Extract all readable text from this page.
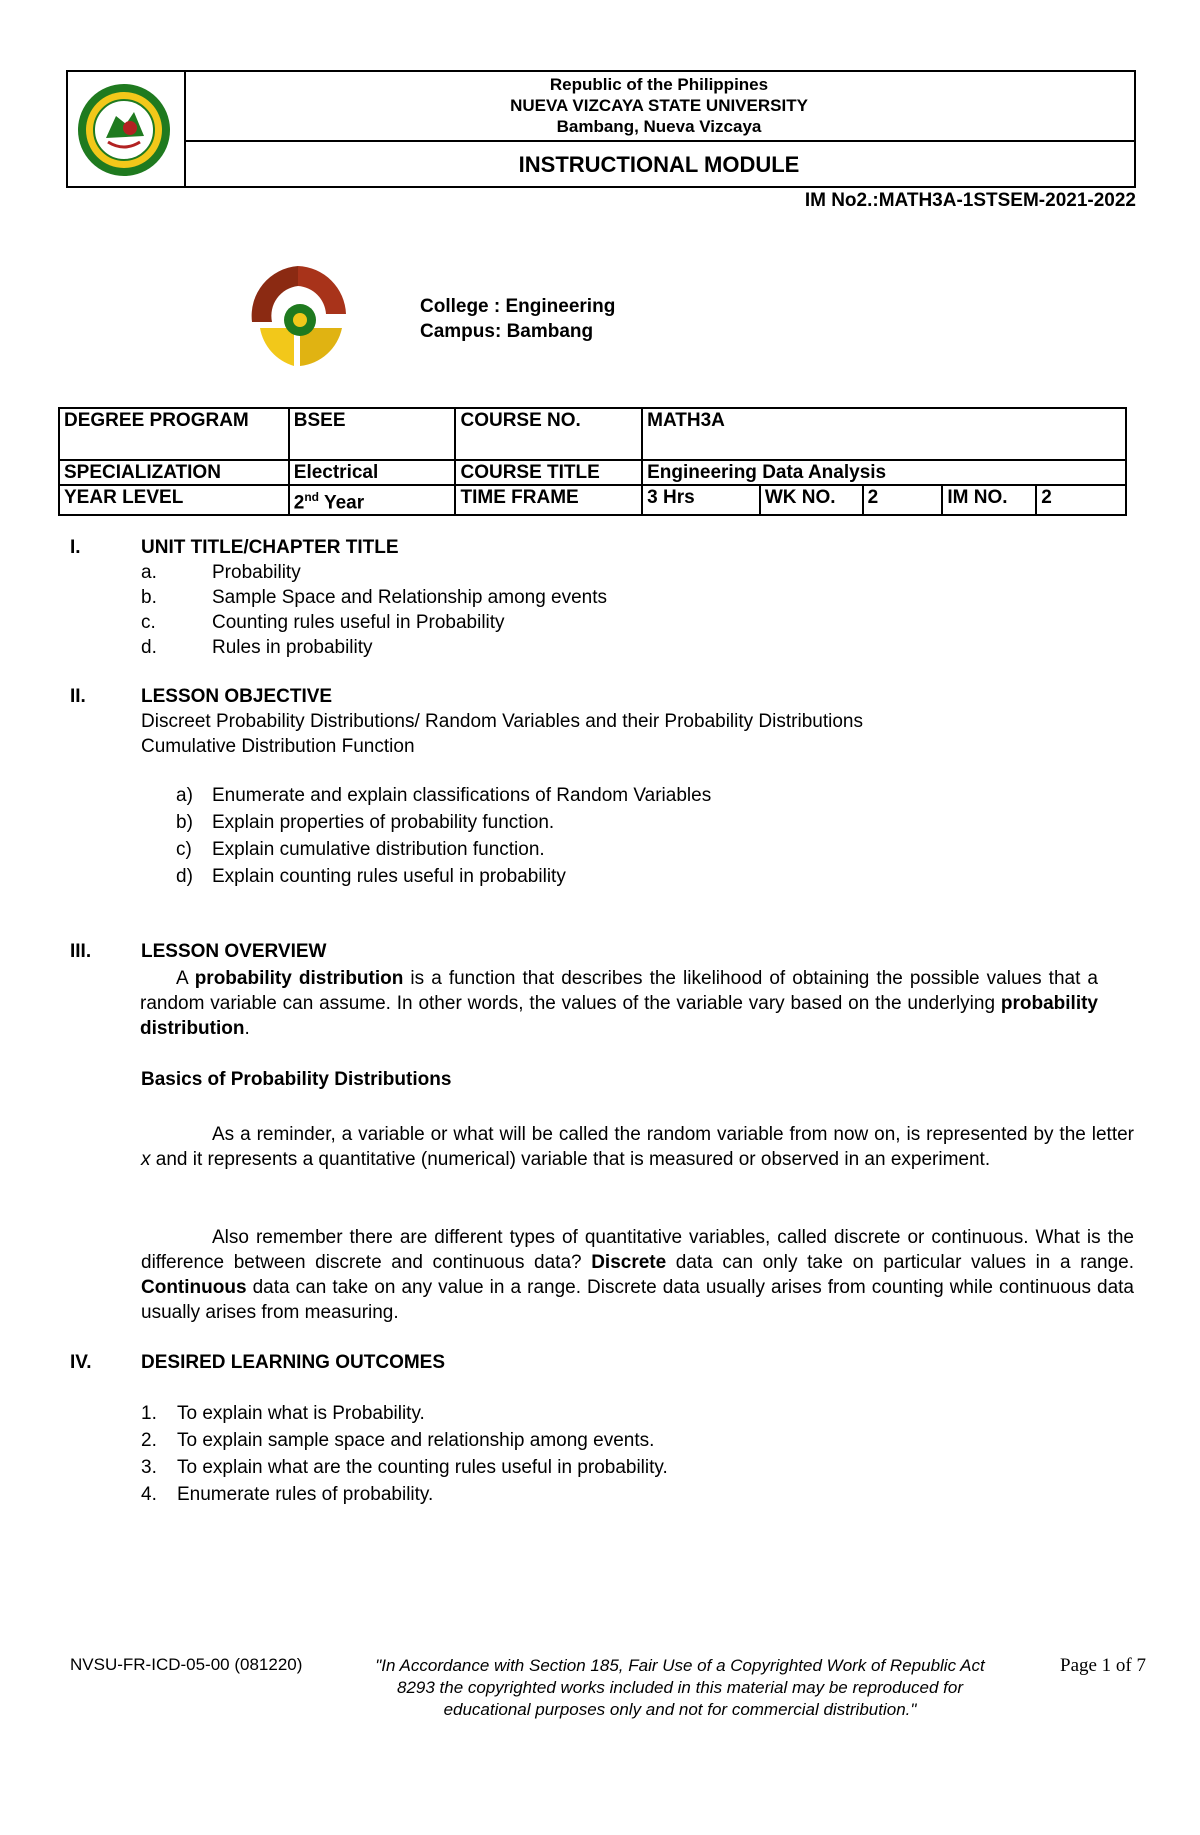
Republic of the Philippines
NUEVA VIZCAYA STATE UNIVERSITY
Bambang, Nueva Vizcaya
INSTRUCTIONAL MODULE
IM No2.:MATH3A-1STSEM-2021-2022
College : Engineering
Campus: Bambang
DEGREE PROGRAM	BSEE	COURSE NO.	MATH3A				
SPECIALIZATION	Electrical	COURSE TITLE	Engineering Data Analysis				
YEAR LEVEL	2nd Year	TIME FRAME	3 Hrs	WK NO.	2	IM NO.	2
I.	UNIT TITLE/CHAPTER TITLE
a.	Probability
b.	Sample Space and Relationship among events
c.	Counting rules useful in Probability
d.	Rules in probability
II.	LESSON OBJECTIVE
Discreet Probability Distributions/ Random Variables and their Probability Distributions
Cumulative Distribution Function
a) Enumerate and explain classifications of Random Variables
b) Explain properties of probability function.
c) Explain cumulative distribution function.
d) Explain counting rules useful in probability
III.	LESSON OVERVIEW
A probability distribution is a function that describes the likelihood of obtaining the possible values that a random variable can assume. In other words, the values of the variable vary based on the underlying probability distribution.
Basics of Probability Distributions
As a reminder, a variable or what will be called the random variable from now on, is represented by the letter x and it represents a quantitative (numerical) variable that is measured or observed in an experiment.
Also remember there are different types of quantitative variables, called discrete or continuous. What is the difference between discrete and continuous data? Discrete data can only take on particular values in a range. Continuous data can take on any value in a range. Discrete data usually arises from counting while continuous data usually arises from measuring.
IV.	DESIRED LEARNING OUTCOMES
1. To explain what is Probability.
2. To explain sample space and relationship among events.
3. To explain what are the counting rules useful in probability.
4. Enumerate rules of probability.
NVSU-FR-ICD-05-00 (081220)	"In Accordance with Section 185, Fair Use of a Copyrighted Work of Republic Act 8293 the copyrighted works included in this material may be reproduced for educational purposes only and not for commercial distribution."
Page 1 of 7
